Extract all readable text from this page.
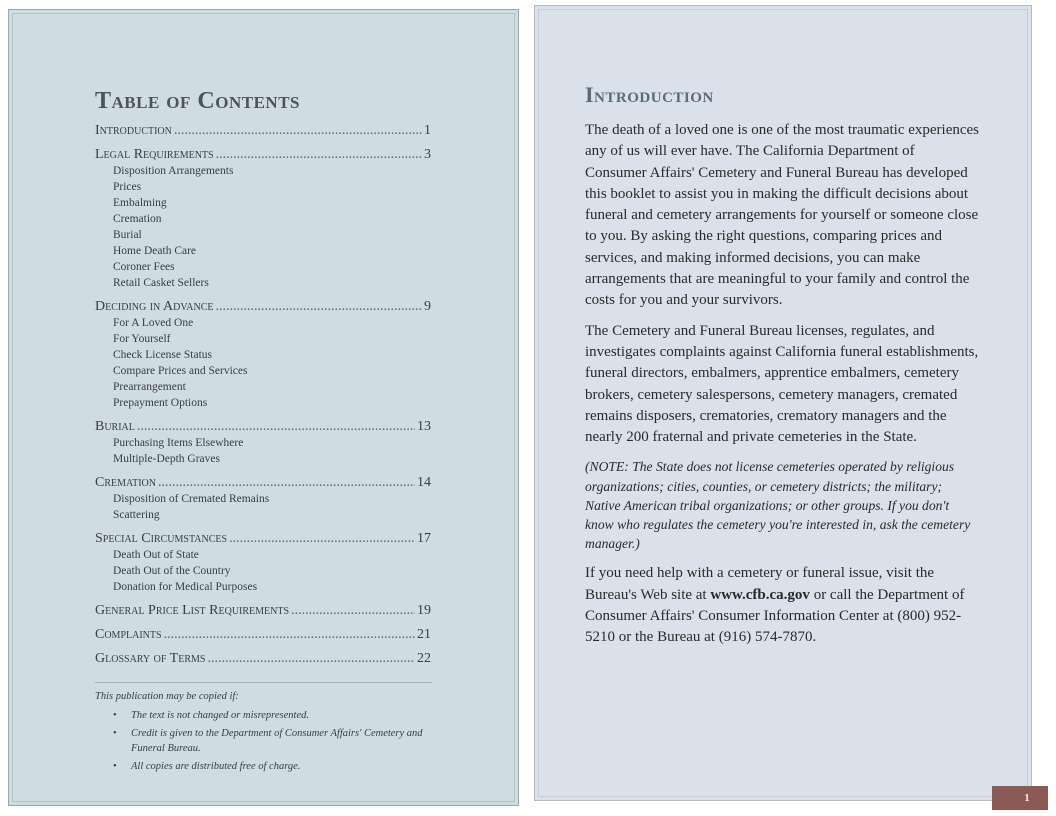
Table of Contents
Introduction .....	1
Legal Requirements .....	3
Disposition Arrangements
Prices
Embalming
Cremation
Burial
Home Death Care
Coroner Fees
Retail Casket Sellers
Deciding in Advance .....	9
For A Loved One
For Yourself
Check License Status
Compare Prices and Services
Prearrangement
Prepayment Options
Burial .....	13
Purchasing Items Elsewhere
Multiple-Depth Graves
Cremation .....	14
Disposition of Cremated Remains
Scattering
Special Circumstances .....	17
Death Out of State
Death Out of the Country
Donation for Medical Purposes
General Price List Requirements .....	19
Complaints .....	21
Glossary of Terms .....	22
This publication may be copied if:
• The text is not changed or misrepresented.
• Credit is given to the Department of Consumer Affairs' Cemetery and Funeral Bureau.
• All copies are distributed free of charge.
Introduction

The death of a loved one is one of the most traumatic experiences any of us will ever have. The California Department of Consumer Affairs' Cemetery and Funeral Bureau has developed this booklet to assist you in making the difficult decisions about funeral and cemetery arrangements for yourself or someone close to you. By asking the right questions, comparing prices and services, and making informed decisions, you can make arrangements that are meaningful to your family and control the costs for you and your survivors.

The Cemetery and Funeral Bureau licenses, regulates, and investigates complaints against California funeral establishments, funeral directors, embalmers, apprentice embalmers, cemetery brokers, cemetery salespersons, cemetery managers, cremated remains disposers, crematories, crematory managers and the nearly 200 fraternal and private cemeteries in the State.

(NOTE: The State does not license cemeteries operated by religious organizations; cities, counties, or cemetery districts; the military; Native American tribal organizations; or other groups. If you don't know who regulates the cemetery you're interested in, ask the cemetery manager.)

If you need help with a cemetery or funeral issue, visit the Bureau's Web site at www.cfb.ca.gov or call the Department of Consumer Affairs' Consumer Information Center at (800) 952-5210 or the Bureau at (916) 574-7870.

1
